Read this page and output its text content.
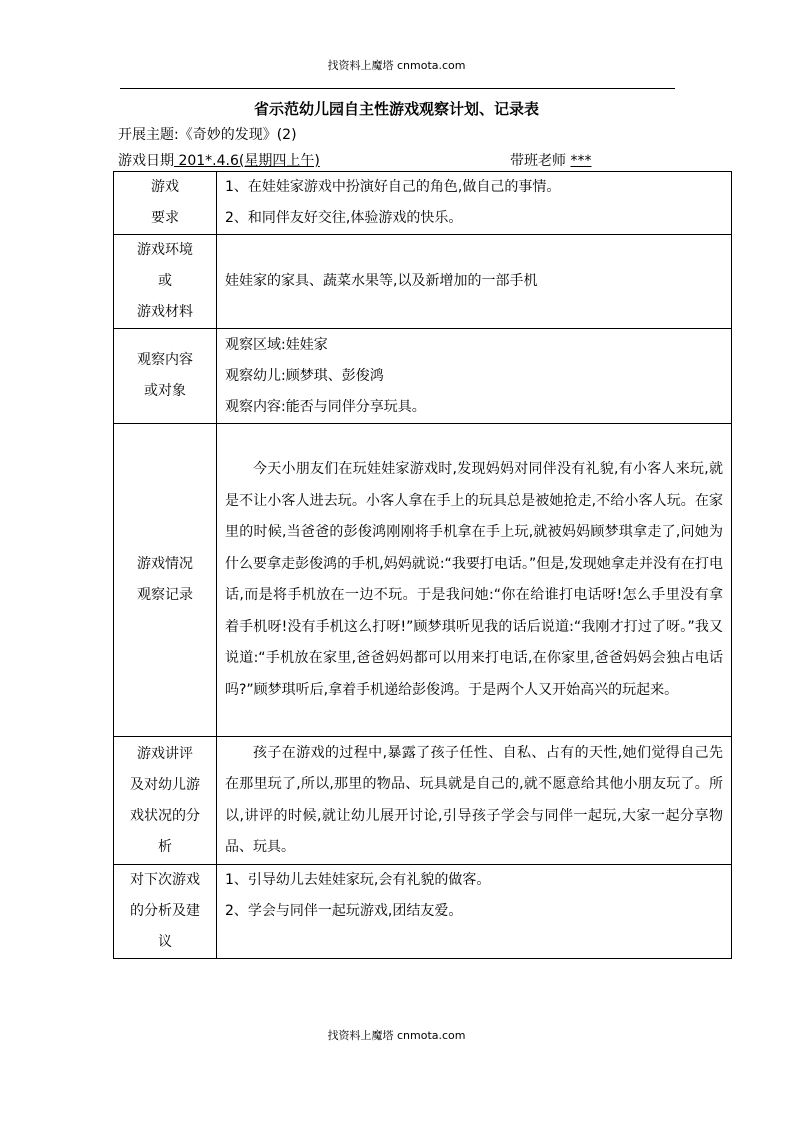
找资料上魔塔 cnmota.com
省示范幼儿园自主性游戏观察计划、记录表
开展主题:《奇妙的发现》(2)
游戏日期 201*.4.6(星期四上午)	带班老师 ***
游戏
要求	1、在娃娃家游戏中扮演好自己的角色,做自己的事情。
2、和同伴友好交往,体验游戏的快乐。

游戏环境
或
游戏材料	娃娃家的家具、蔬菜水果等,以及新增加的一部手机

观察内容
或对象	观察区域:娃娃家
观察幼儿:顾梦琪、彭俊鸿
观察内容:能否与同伴分享玩具。

游戏情况
观察记录	今天小朋友们在玩娃娃家游戏时,发现妈妈对同伴没有礼貌,有小客人来玩,就是不让小客人进去玩。小客人拿在手上的玩具总是被她抢走,不给小客人玩。在家里的时候,当爸爸的彭俊鸿刚刚将手机拿在手上玩,就被妈妈顾梦琪拿走了,问她为什么要拿走彭俊鸿的手机,妈妈就说:“我要打电话。”但是,发现她拿走并没有在打电话,而是将手机放在一边不玩。于是我问她:“你在给谁打电话呀!怎么手里没有拿着手机呀!没有手机这么打呀!”顾梦琪听见我的话后说道:“我刚才打过了呀。”我又说道:“手机放在家里,爸爸妈妈都可以用来打电话,在你家里,爸爸妈妈会独占电话吗?”顾梦琪听后,拿着手机递给彭俊鸿。于是两个人又开始高兴的玩起来。

游戏讲评
及对幼儿游
戏状况的分
析	孩子在游戏的过程中,暴露了孩子任性、自私、占有的天性,她们觉得自己先在那里玩了,所以,那里的物品、玩具就是自己的,就不愿意给其他小朋友玩了。所以,讲评的时候,就让幼儿展开讨论,引导孩子学会与同伴一起玩,大家一起分享物品、玩具。

对下次游戏
的分析及建
议	1、引导幼儿去娃娃家玩,会有礼貌的做客。
2、学会与同伴一起玩游戏,团结友爱。
找资料上魔塔 cnmota.com
